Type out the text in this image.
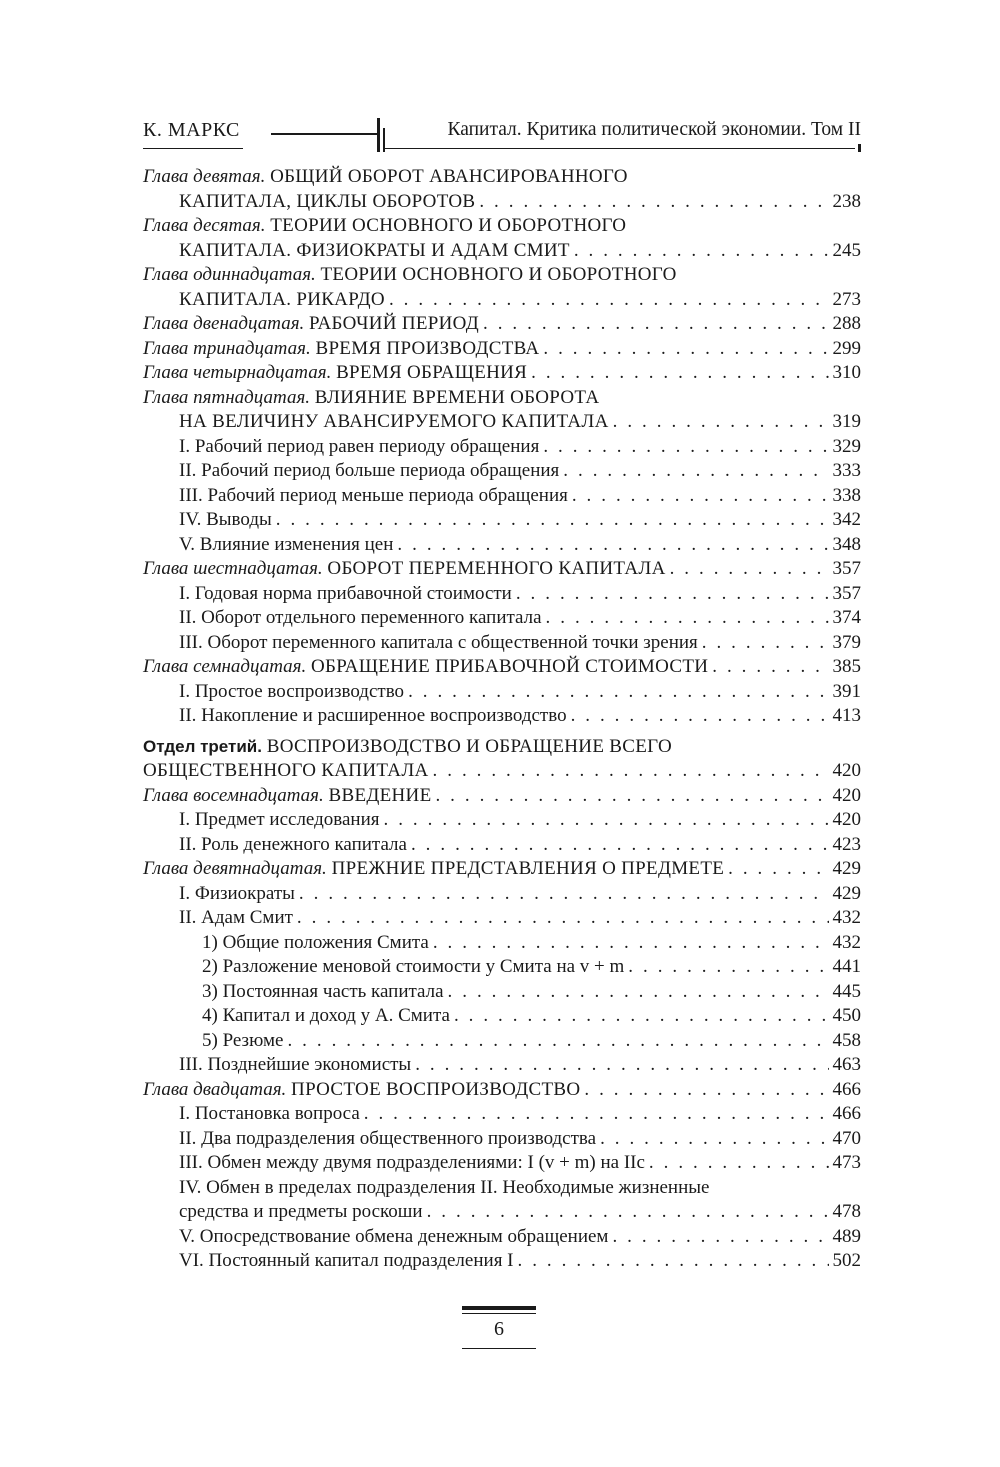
К. МАРКС	Капитал. Критика политической экономии. Том II
Глава девятая. ОБЩИЙ ОБОРОТ АВАНСИРОВАННОГО
КАПИТАЛА, ЦИКЛЫ ОБОРОТОВ . . .	238
Глава десятая. ТЕОРИИ ОСНОВНОГО И ОБОРОТНОГО
КАПИТАЛА. ФИЗИОКРАТЫ И АДАМ СМИТ . . .	245
Глава одиннадцатая. ТЕОРИИ ОСНОВНОГО И ОБОРОТНОГО
КАПИТАЛА. РИКАРДО . . .	273
Глава двенадцатая. РАБОЧИЙ ПЕРИОД . . .	288
Глава тринадцатая. ВРЕМЯ ПРОИЗВОДСТВА . . .	299
Глава четырнадцатая. ВРЕМЯ ОБРАЩЕНИЯ . . .	310
Глава пятнадцатая. ВЛИЯНИЕ ВРЕМЕНИ ОБОРОТА
НА ВЕЛИЧИНУ АВАНСИРУЕМОГО КАПИТАЛА . . .	319
I. Рабочий период равен периоду обращения . . .	329
II. Рабочий период больше периода обращения . . .	333
III. Рабочий период меньше периода обращения . . .	338
IV. Выводы . . .	342
V. Влияние изменения цен . . .	348
Глава шестнадцатая. ОБОРОТ ПЕРЕМЕННОГО КАПИТАЛА . . .	357
I. Годовая норма прибавочной стоимости . . .	357
II. Оборот отдельного переменного капитала . . .	374
III. Оборот переменного капитала с общественной точки зрения . . .	379
Глава семнадцатая. ОБРАЩЕНИЕ ПРИБАВОЧНОЙ СТОИМОСТИ . . .	385
I. Простое воспроизводство . . .	391
II. Накопление и расширенное воспроизводство . . .	413
Отдел третий. ВОСПРОИЗВОДСТВО И ОБРАЩЕНИЕ ВСЕГО
ОБЩЕСТВЕННОГО КАПИТАЛА . . .	420
Глава восемнадцатая. ВВЕДЕНИЕ . . .	420
I. Предмет исследования . . .	420
II. Роль денежного капитала . . .	423
Глава девятнадцатая. ПРЕЖНИЕ ПРЕДСТАВЛЕНИЯ О ПРЕДМЕТЕ . . .	429
I. Физиократы . . .	429
II. Адам Смит . . .	432
1) Общие положения Смита . . .	432
2) Разложение меновой стоимости у Смита на v + m . . .	441
3) Постоянная часть капитала . . .	445
4) Капитал и доход у А. Смита . . .	450
5) Резюме . . .	458
III. Позднейшие экономисты . . .	463
Глава двадцатая. ПРОСТОЕ ВОСПРОИЗВОДСТВО . . .	466
I. Постановка вопроса . . .	466
II. Два подразделения общественного производства . . .	470
III. Обмен между двумя подразделениями: I (v + m) на IIc . . .	473
IV. Обмен в пределах подразделения II. Необходимые жизненные
средства и предметы роскоши . . .	478
V. Опосредствование обмена денежным обращением . . .	489
VI. Постоянный капитал подразделения I . . .	502
6
